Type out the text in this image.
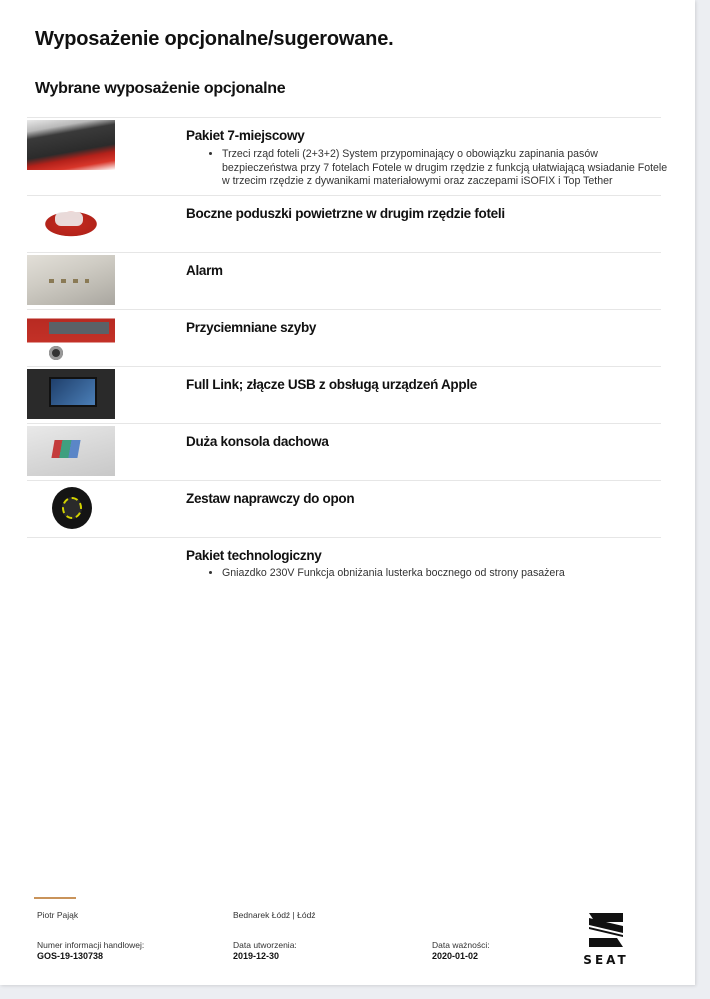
Wyposażenie opcjonalne/sugerowane.
Wybrane wyposażenie opcjonalne
Pakiet 7-miejscowy
• Trzeci rząd foteli (2+3+2) System przypominający o obowiązku zapinania pasów bezpieczeństwa przy 7 fotelach Fotele w drugim rzędzie z funkcją ułatwiającą wsiadanie Fotele w trzecim rzędzie z dywanikami materiałowymi oraz zaczepami iSOFIX i Top Tether
Boczne poduszki powietrzne w drugim rzędzie foteli
Alarm
Przyciemniane szyby
Full Link; złącze USB z obsługą urządzeń Apple
Duża konsola dachowa
Zestaw naprawczy do opon
Pakiet technologiczny
• Gniazdko 230V Funkcja obniżania lusterka bocznego od strony pasażera
Piotr Pająk	Bednarek Łódź | Łódź
Numer informacji handlowej:
GOS-19-130738
Data utworzenia:
2019-12-30
Data ważności:
2020-01-02	SEAT
